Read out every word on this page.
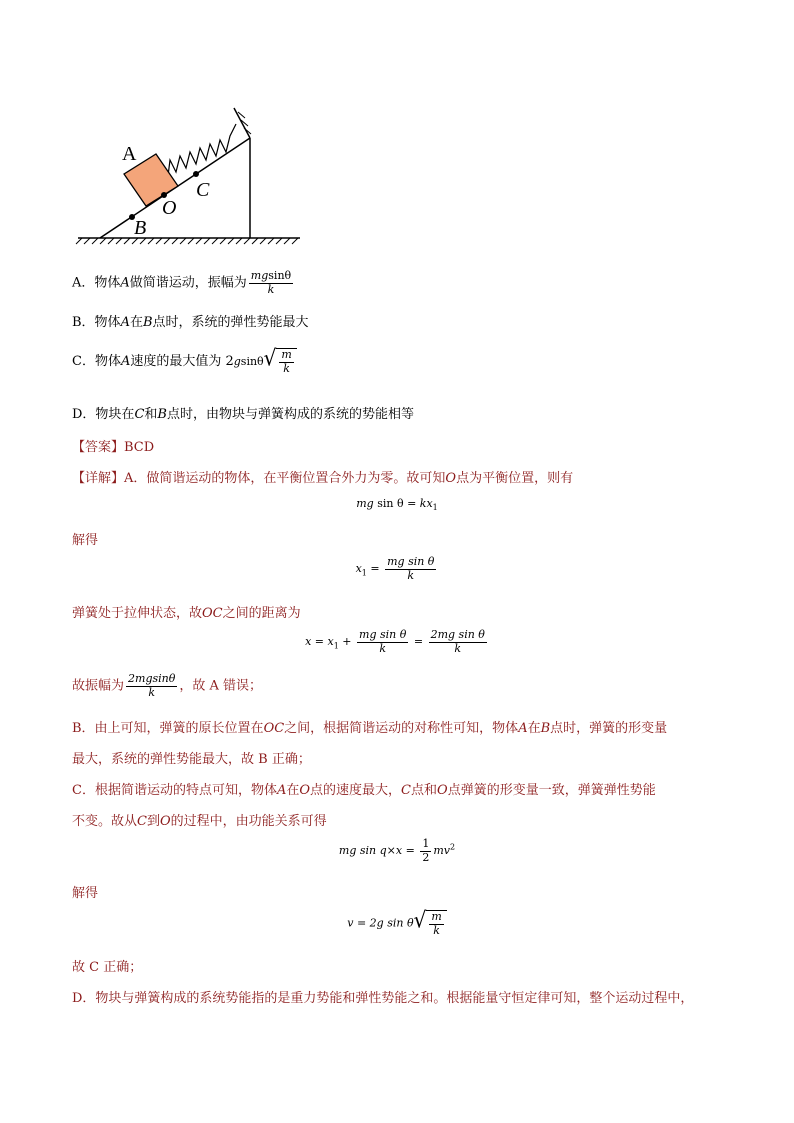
A
B
O
C
A．物体A做简谐运动，振幅为 $\frac{mgsin\theta}{k}$
B．物体A在B点时，系统的弹性势能最大
C．物体A速度的最大值为 2gsinθ √ $\frac{m}{k}$
D．物块在C和B点时，由物块与弹簧构成的系统的势能相等
【答案】BCD
【详解】A．做简谐运动的物体，在平衡位置合外力为零。故可知O点为平衡位置，则有
mg $\sin \theta = kx_1$
解得
$x_1 = \frac{\text{mg sin θ}}{k}$
弹簧处于拉伸状态，故OC之间的距离为
$x = x_1 + \frac{\text{mg sin θ}}{k} = \frac{\text{2mg sin θ}}{k}$
故振幅为 $\frac{2mgsin\theta}{k}$ ，故 A 错误；
B．由上可知，弹簧的原长位置在OC之间，根据简谐运动的对称性可知，物体A在B点时，弹簧的形变量
最大，系统的弹性势能最大，故 B 正确；
C．根据简谐运动的特点可知，物体A在O点的速度最大，C点和O点弹簧的形变量一致，弹簧弹性势能
不变。故从C到O的过程中，由功能关系可得
mg $\sin q\times x = \frac{1}{2} mv^2$
解得
v = 2g sin θ √ $\frac{m}{k}$
故 C 正确；
D．物块与弹簧构成的系统势能指的是重力势能和弹性势能之和。根据能量守恒定律可知，整个运动过程中，
